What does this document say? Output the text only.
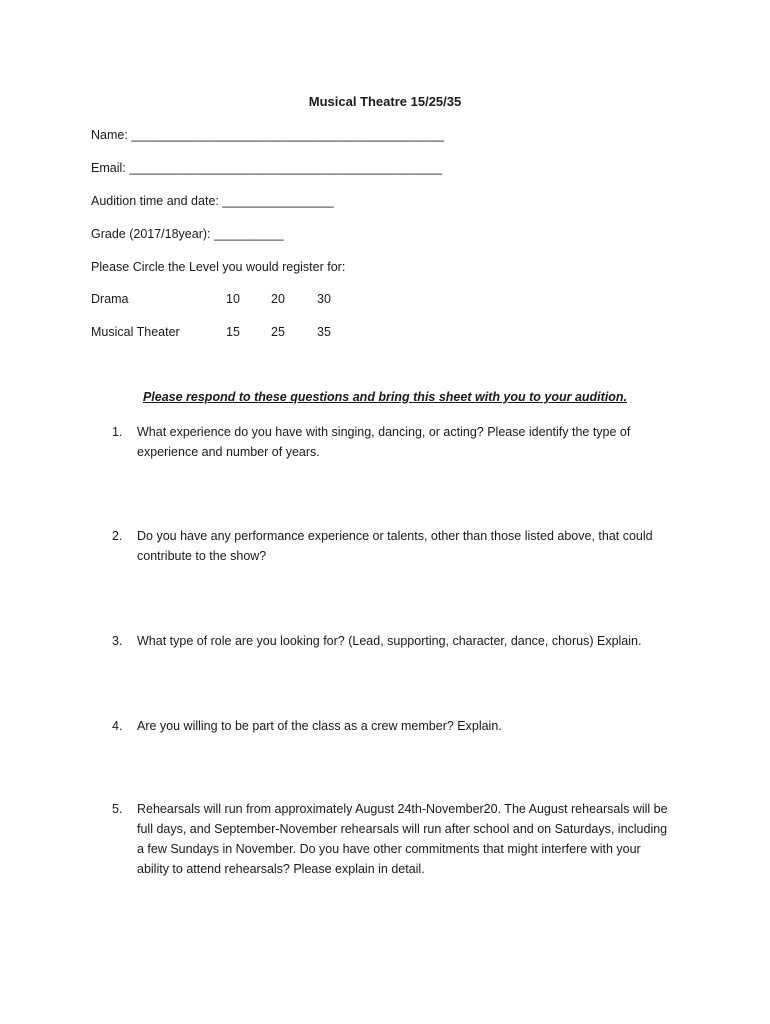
Musical Theatre 15/25/35
Name: _____________________________________________
Email: _____________________________________________
Audition time and date: ________________
Grade (2017/18year): __________
Please Circle the Level you would register for:
Drama	10 20	30
Musical Theater	15 25	35
Please respond to these questions and bring this sheet with you to your audition.
1. What experience do you have with singing, dancing, or acting? Please identify the type of experience and number of years.
2. Do you have any performance experience or talents, other than those listed above, that could contribute to the show?
3. What type of role are you looking for? (Lead, supporting, character, dance, chorus) Explain.
4. Are you willing to be part of the class as a crew member? Explain.
5. Rehearsals will run from approximately August 24th-November20. The August rehearsals will be full days, and September-November rehearsals will run after school and on Saturdays, including a few Sundays in November. Do you have other commitments that might interfere with your ability to attend rehearsals? Please explain in detail.
